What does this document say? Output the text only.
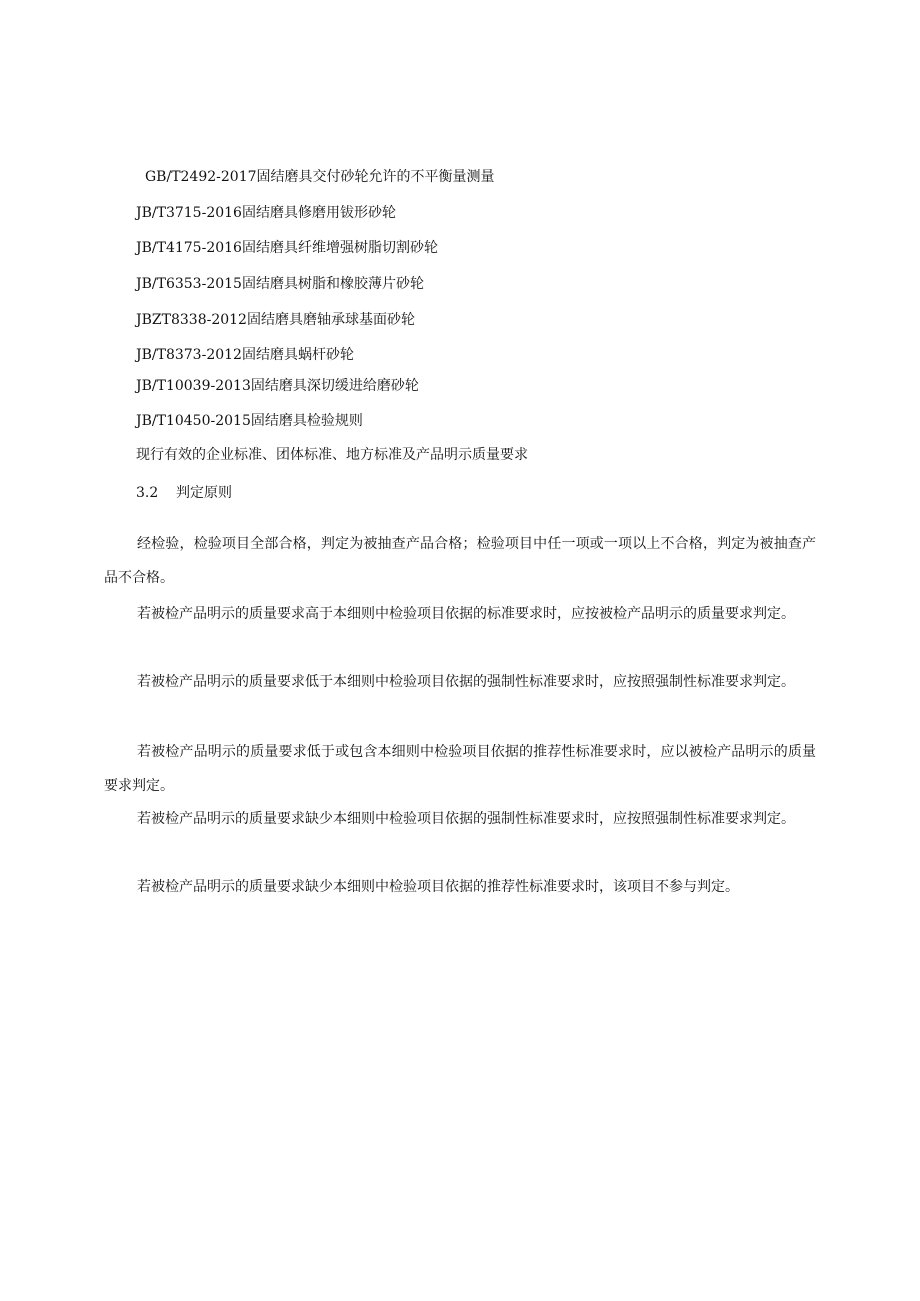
GB/T2492-2017固结磨具交付砂轮允许的不平衡量测量
JB/T3715-2016固结磨具修磨用钹形砂轮
JB/T4175-2016固结磨具纤维增强树脂切割砂轮
JB/T6353-2015固结磨具树脂和橡胶薄片砂轮
JBZT8338-2012固结磨具磨轴承球基面砂轮
JB/T8373-2012固结磨具蜗杆砂轮
JB/T10039-2013固结磨具深切缓进给磨砂轮
JB/T10450-2015固结磨具检验规则
现行有效的企业标准、团体标准、地方标准及产品明示质量要求
3.2 判定原则
经检验，检验项目全部合格，判定为被抽查产品合格；检验项目中任一项或一项以上不合格，判定为被抽查产品不合格。
若被检产品明示的质量要求高于本细则中检验项目依据的标准要求时，应按被检产品明示的质量要求判定。
若被检产品明示的质量要求低于本细则中检验项目依据的强制性标准要求时，应按照强制性标准要求判定。
若被检产品明示的质量要求低于或包含本细则中检验项目依据的推荐性标准要求时，应以被检产品明示的质量要求判定。
若被检产品明示的质量要求缺少本细则中检验项目依据的强制性标准要求时，应按照强制性标准要求判定。
若被检产品明示的质量要求缺少本细则中检验项目依据的推荐性标准要求时，该项目不参与判定。
